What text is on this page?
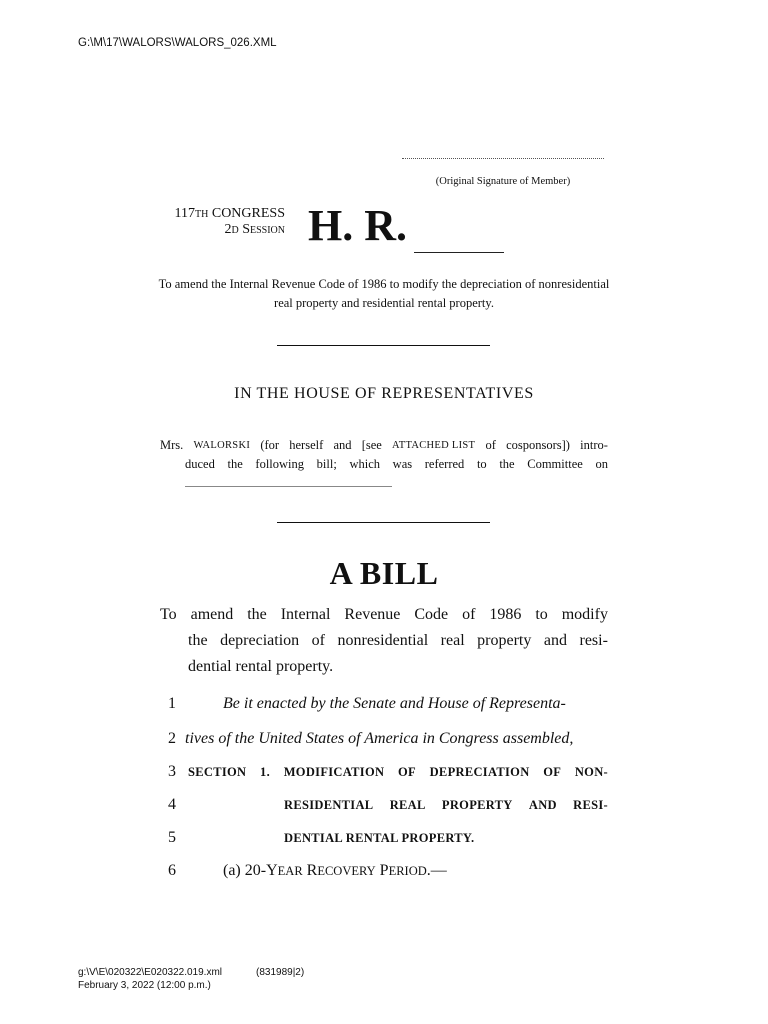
G:\M\17\WALORS\WALORS_026.XML
(Original Signature of Member)
117TH CONGRESS
2D SESSION H. R.
To amend the Internal Revenue Code of 1986 to modify the depreciation of nonresidential real property and residential rental property.
IN THE HOUSE OF REPRESENTATIVES
Mrs. WALORSKI (for herself and [see ATTACHED LIST of cosponsors]) intro-
duced the following bill; which was referred to the Committee on
A BILL
To amend the Internal Revenue Code of 1986 to modify
the depreciation of nonresidential real property and resi-
dential rental property.
1
2
3
4
5
6
Be it enacted by the Senate and House of Representa-
tives of the United States of America in Congress assembled,
SECTION 1. MODIFICATION OF DEPRECIATION OF NON-
RESIDENTIAL REAL PROPERTY AND RESI-
DENTIAL RENTAL PROPERTY.
(a) 20-YEAR RECOVERY PERIOD.—
g:\V\E\020322\E020322.019.xml	(831989|2)
February 3, 2022 (12:00 p.m.)
